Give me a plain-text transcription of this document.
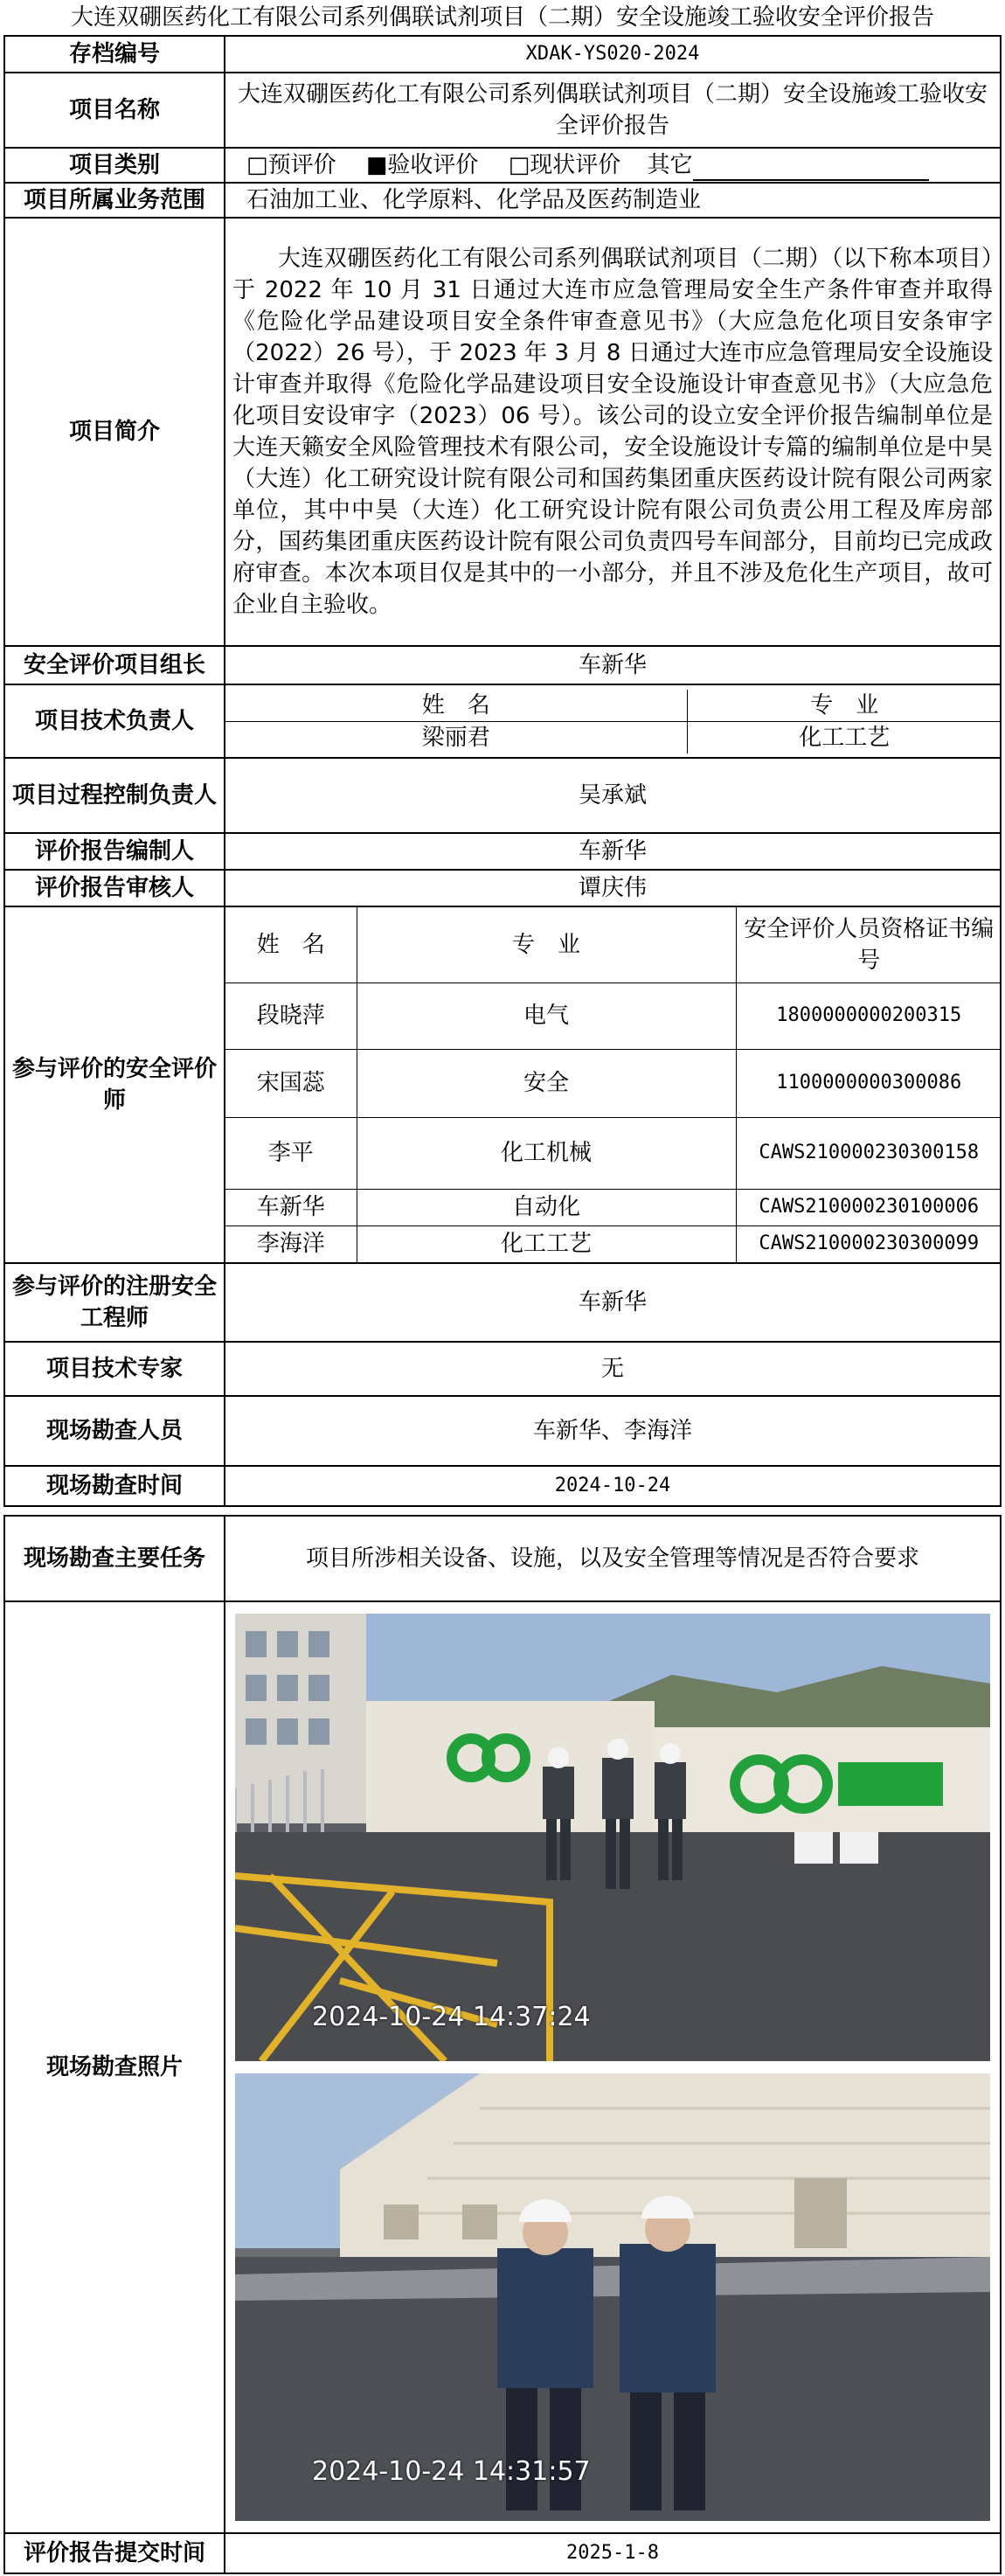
大连双硼医药化工有限公司系列偶联试剂项目（二期）安全设施竣工验收安全评价报告
存档编号	XDAK-YS020-2024
项目名称	大连双硼医药化工有限公司系列偶联试剂项目（二期）安全设施竣工验收安全评价报告
项目类别	□预评价 ■验收评价 □现状评价 其它
项目所属业务范围	石油加工业、化学原料、化学品及医药制造业
项目简介	大连双硼医药化工有限公司系列偶联试剂项目（二期）（以下称本项目）于 2022 年 10 月 31 日通过大连市应急管理局安全生产条件审查并取得《危险化学品建设项目安全条件审查意见书》（大应急危化项目安条审字（2022）26 号），于 2023 年 3 月 8 日通过大连市应急管理局安全设施设计审查并取得《危险化学品建设项目安全设施设计审查意见书》（大应急危化项目安设审字（2023）06 号）。该公司的设立安全评价报告编制单位是大连天籁安全风险管理技术有限公司，安全设施设计专篇的编制单位是中昊（大连）化工研究设计院有限公司和国药集团重庆医药设计院有限公司两家单位，其中中昊（大连）化工研究设计院有限公司负责公用工程及库房部分，国药集团重庆医药设计院有限公司负责四号车间部分，目前均已完成政府审查。本次本项目仅是其中的一小部分，并且不涉及危化生产项目，故可企业自主验收。
安全评价项目组长	车新华
项目技术负责人	
姓　名	专　业
梁丽君	化工工艺

项目过程控制负责人	吴承斌
评价报告编制人	车新华
评价报告审核人	谭庆伟
参与评价的安全评价师	
姓　名	专　业	安全评价人员资格证书编号
段晓萍	电气	1800000000200315
宋国蕊	安全	1100000000300086
李平	化工机械	CAWS210000230300158
车新华	自动化	CAWS210000230100006
李海洋	化工工艺	CAWS210000230300099

参与评价的注册安全工程师	车新华
项目技术专家	无
现场勘查人员	车新华、李海洋
现场勘查时间	2024-10-24
现场勘查主要任务	项目所涉相关设备、设施，以及安全管理等情况是否符合要求
现场勘查照片	2024-10-24 14:37:24
2024-10-24 14:31:57

评价报告提交时间	2025-1-8
